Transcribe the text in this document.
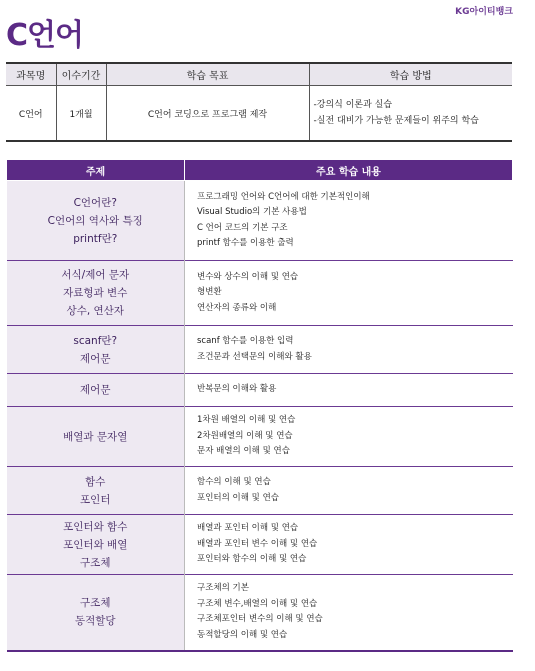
KG아이티뱅크
C언어
과목명	이수기간	학습 목표	학습 방법
C언어	1개월	C언어 코딩으로 프로그램 제작	-강의식 이론과 실습
-실전 대비가 가능한 문제들이 위주의 학습
주제	주요 학습 내용

C언어란?
C언어의 역사와 특징
printf란?	프로그래밍 언어와 C언어에 대한 기본적인이해
Visual Studio의 기본 사용법
C 언어 코드의 기본 구조
printf 함수를 이용한 출력

서식/제어 문자
자료형과 변수
상수, 연산자	변수와 상수의 이해 및 연습
형변환
연산자의 종류와 이해

scanf란?
제어문	scanf 함수를 이용한 입력
조건문과 선택문의 이해와 활용

제어문	반복문의 이해와 활용

배열과 문자열	1차원 배열의 이해 및 연습
2차원배열의 이해 및 연습
문자 배열의 이해 및 연습

함수
포인터	함수의 이해 및 연습
포인터의 이해 및 연습

포인터와 함수
포인터와 배열
구조체	배열과 포인터 이해 및 연습
배열과 포인터 변수 이해 및 연습
포인터와 함수의 이해 및 연습

구조체
동적할당	구조체의 기본
구조체 변수,배열의 이해 및 연습
구조체포인터 변수의 이해 및 연습
동적할당의 이해 및 연습
